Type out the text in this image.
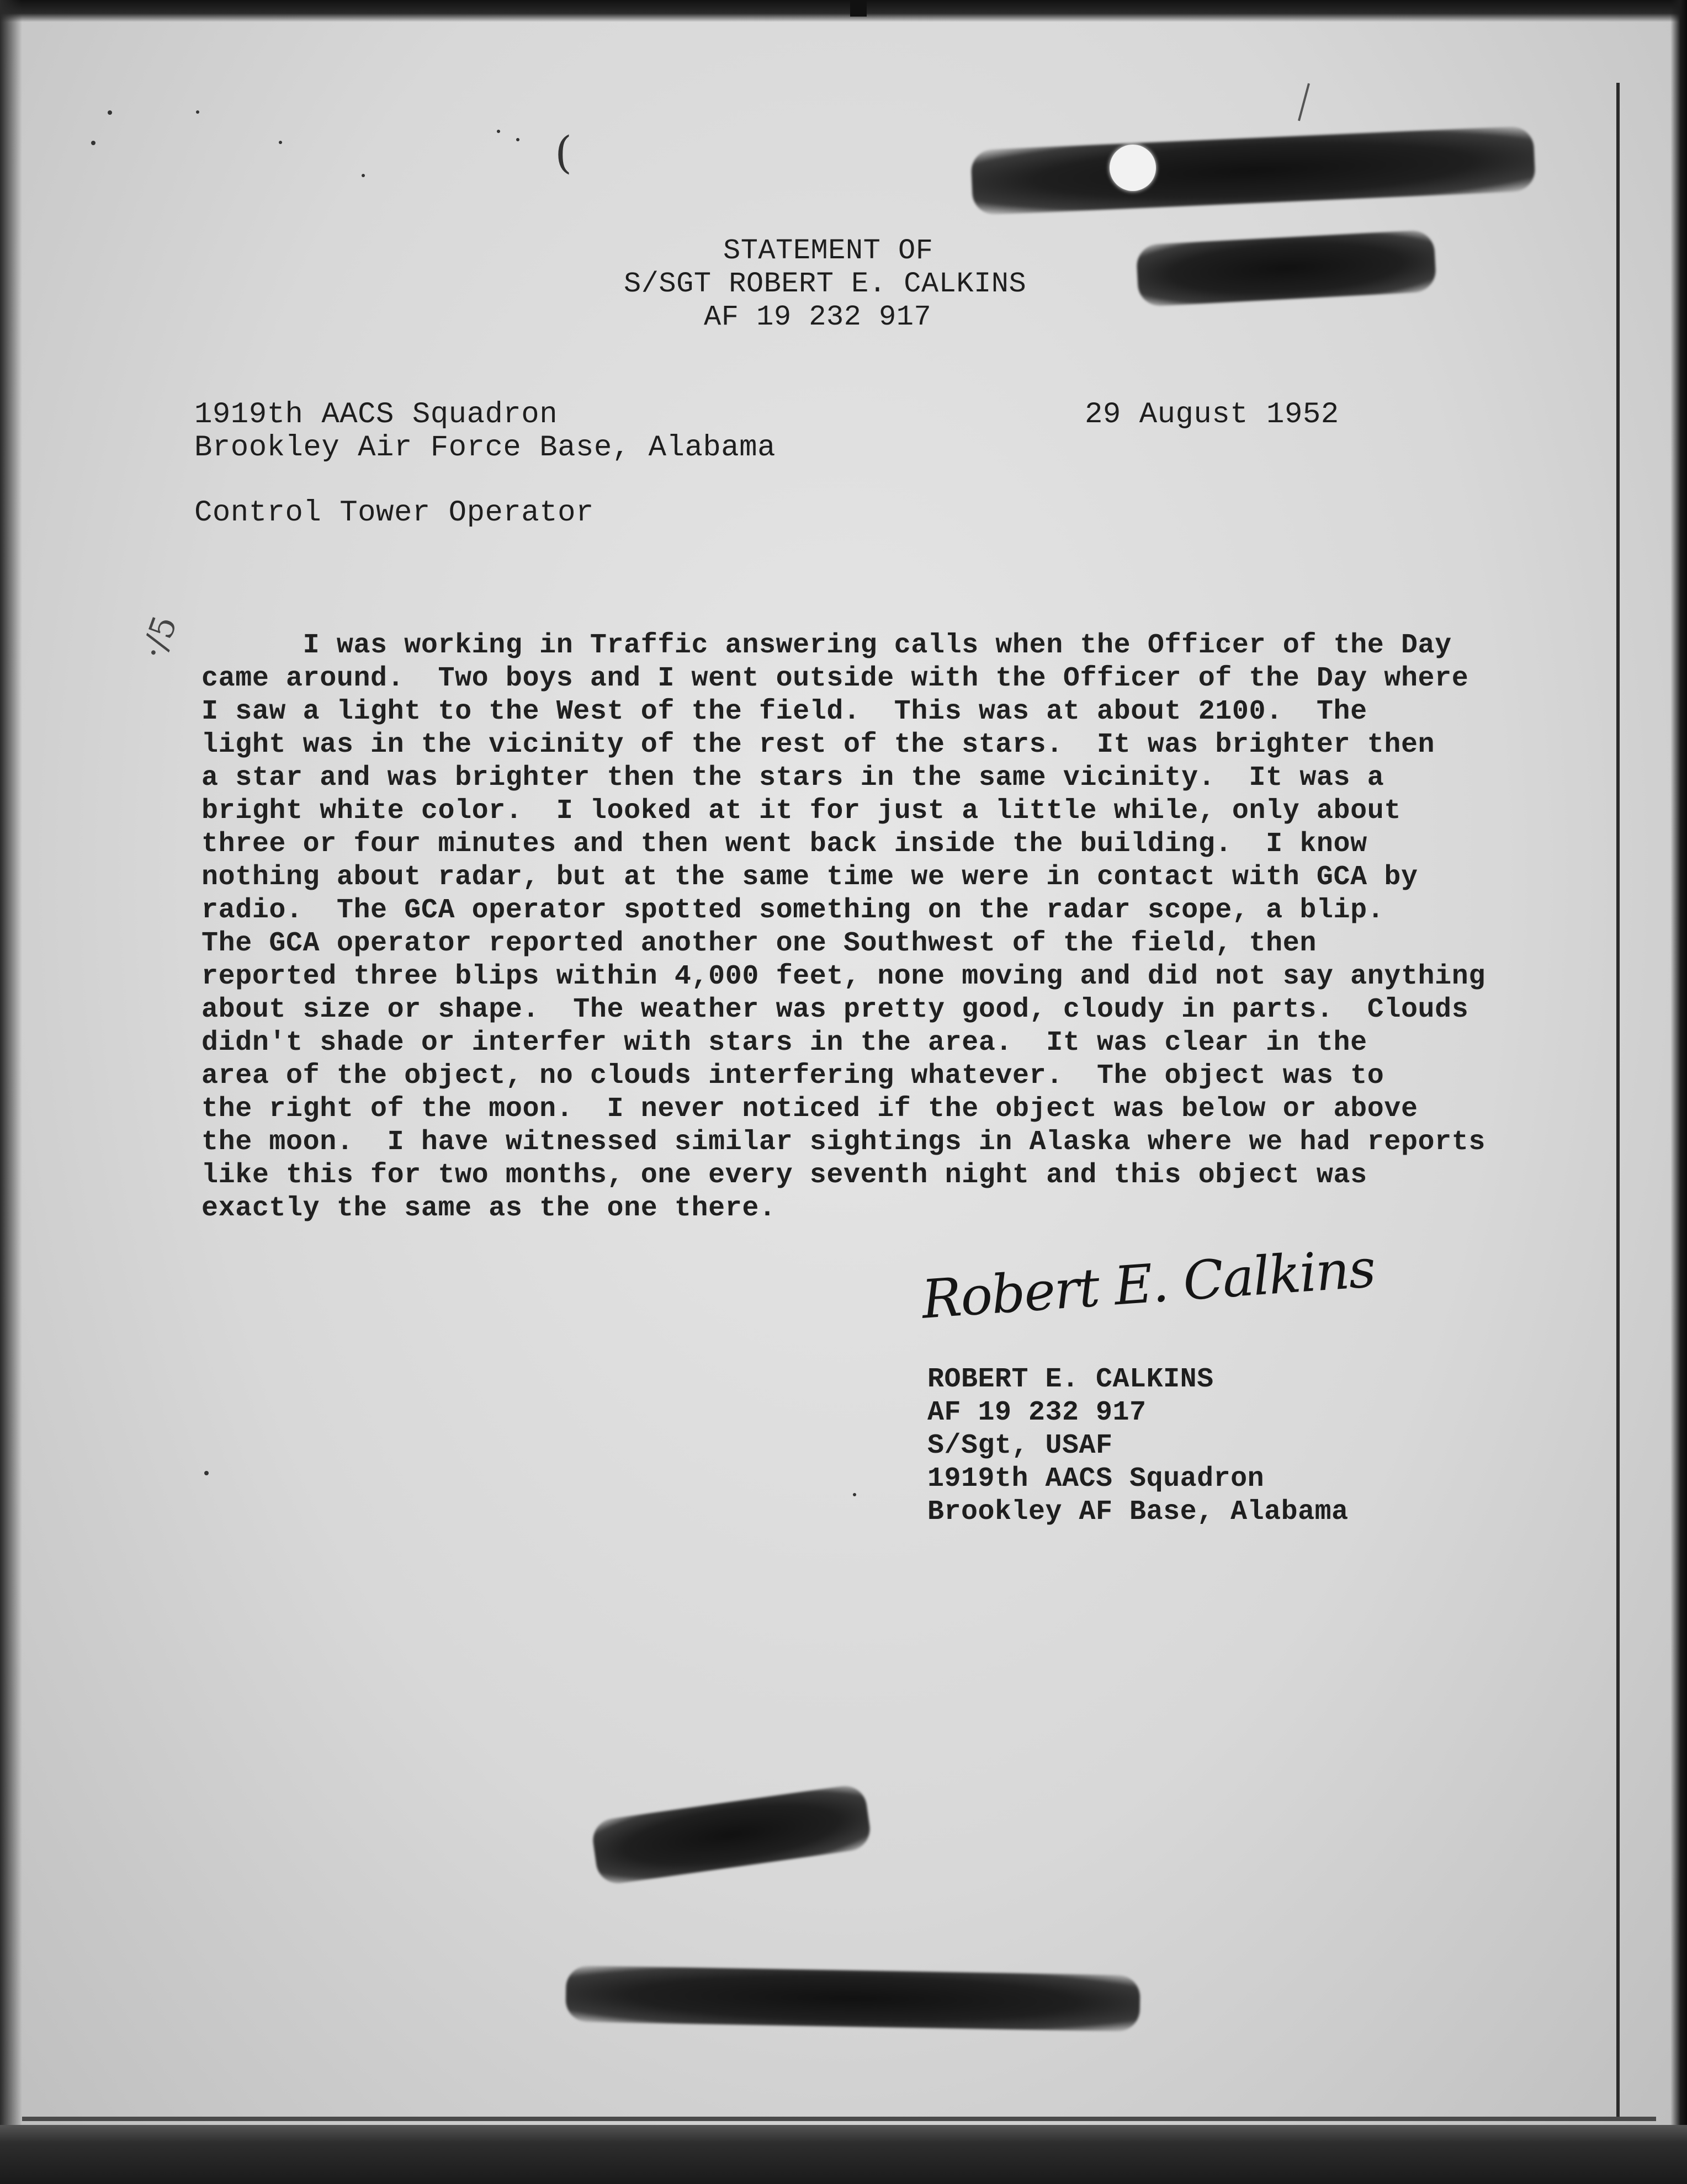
(
·/5

STATEMENT OF

S/SGT ROBERT E. CALKINS

AF 19 232 917

1919th AACS Squadron

Brookley Air Force Base, Alabama

29 August 1952

Control Tower Operator

I was working in Traffic answering calls when the Officer of the Day
came around.  Two boys and I went outside with the Officer of the Day where
I saw a light to the West of the field.  This was at about 2100.  The
light was in the vicinity of the rest of the stars.  It was brighter then
a star and was brighter then the stars in the same vicinity.  It was a
bright white color.  I looked at it for just a little while, only about
three or four minutes and then went back inside the building.  I know
nothing about radar, but at the same time we were in contact with GCA by
radio.  The GCA operator spotted something on the radar scope, a blip.
The GCA operator reported another one Southwest of the field, then
reported three blips within 4,000 feet, none moving and did not say anything
about size or shape.  The weather was pretty good, cloudy in parts.  Clouds
didn't shade or interfer with stars in the area.  It was clear in the
area of the object, no clouds interfering whatever.  The object was to
the right of the moon.  I never noticed if the object was below or above
the moon.  I have witnessed similar sightings in Alaska where we had reports
like this for two months, one every seventh night and this object was
exactly the same as the one there.
Robert E. Calkins
ROBERT E. CALKINS
AF 19 232 917
S/Sgt, USAF
1919th AACS Squadron
Brookley AF Base, Alabama
